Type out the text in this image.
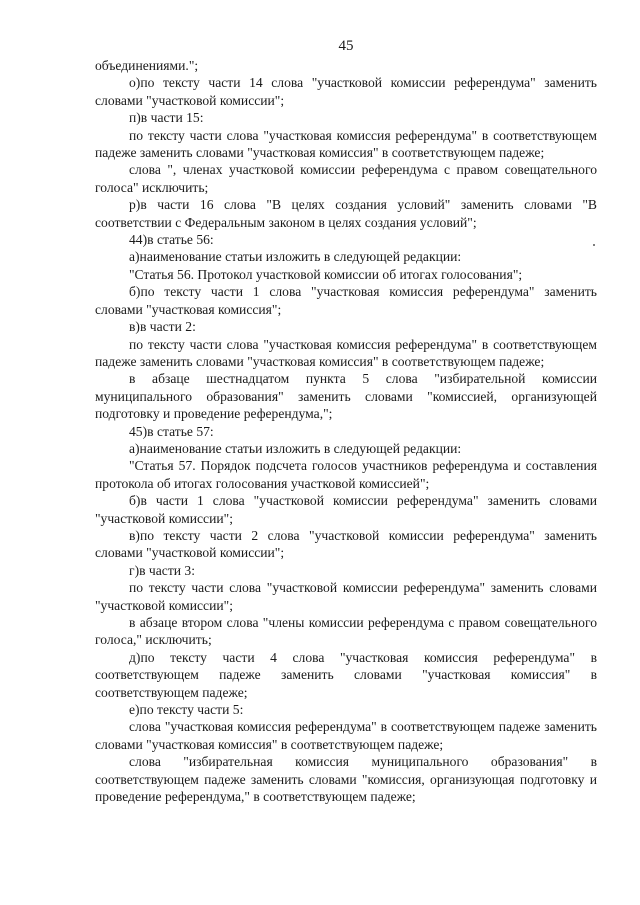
45

объединениями.";

о)по тексту части 14 слова "участковой комиссии референдума" заменить словами "участковой комиссии";

п)в части 15:

по тексту части слова "участковая комиссия референдума" в соответствующем падеже заменить словами "участковая комиссия" в соответствующем падеже;

слова ", членах участковой комиссии референдума с правом совещательного голоса" исключить;

р)в части 16 слова "В целях создания условий" заменить словами "В соответствии с Федеральным законом в целях создания условий";

44)в статье 56:

а)наименование статьи изложить в следующей редакции:

"Статья 56. Протокол участковой комиссии об итогах голосования";

б)по тексту части 1 слова "участковая комиссия референдума" заменить словами "участковая комиссия";

в)в части 2:

по тексту части слова "участковая комиссия референдума" в соответствующем падеже заменить словами "участковая комиссия" в соответствующем падеже;

в абзаце шестнадцатом пункта 5 слова "избирательной комиссии муниципального образования" заменить словами "комиссией, организующей подготовку и проведение референдума,";

45)в статье 57:

а)наименование статьи изложить в следующей редакции:

"Статья 57. Порядок подсчета голосов участников референдума и составления протокола об итогах голосования участковой комиссией";

б)в части 1 слова "участковой комиссии референдума" заменить словами "участковой комиссии";

в)по тексту части 2 слова "участковой комиссии референдума" заменить словами "участковой комиссии";

г)в части 3:

по тексту части слова "участковой комиссии референдума" заменить словами "участковой комиссии";

в абзаце втором слова "члены комиссии референдума с правом совещательного голоса," исключить;

д)по тексту части 4 слова "участковая комиссия референдума" в соответствующем падеже заменить словами "участковая комиссия" в соответствующем падеже;

е)по тексту части 5:

слова "участковая комиссия референдума" в соответствующем падеже заменить словами "участковая комиссия" в соответствующем падеже;

слова "избирательная комиссия муниципального образования" в соответствующем падеже заменить словами "комиссия, организующая подготовку и проведение референдума," в соответствующем падеже;
